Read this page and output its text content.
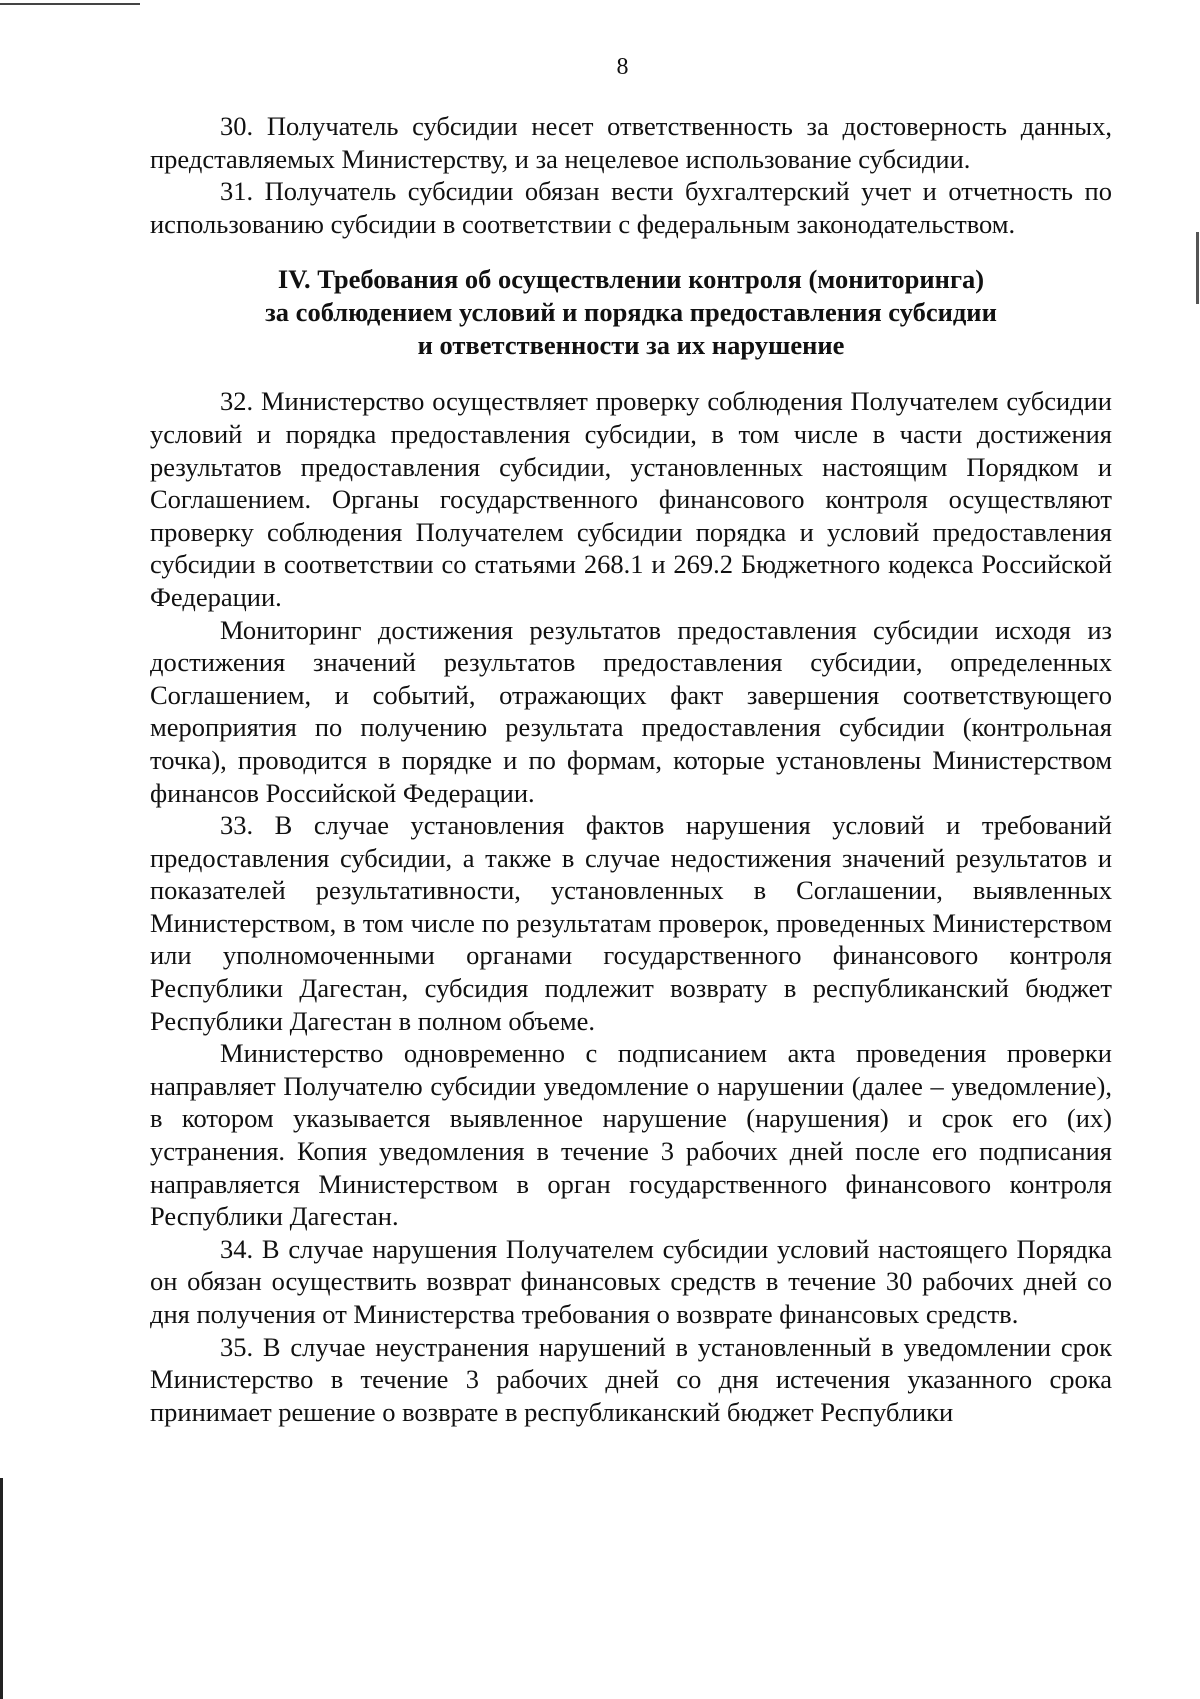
8

30. Получатель субсидии несет ответственность за достоверность данных, представляемых Министерству, и за нецелевое использование субсидии.

31. Получатель субсидии обязан вести бухгалтерский учет и отчетность по использованию субсидии в соответствии с федеральным законодательством.

IV. Требования об осуществлении контроля (мониторинга)
за соблюдением условий и порядка предоставления субсидии
и ответственности за их нарушение

32. Министерство осуществляет проверку соблюдения Получателем субсидии условий и порядка предоставления субсидии, в том числе в части достижения результатов предоставления субсидии, установленных настоящим Порядком и Соглашением. Органы государственного финансового контроля осуществляют проверку соблюдения Получателем субсидии порядка и условий предоставления субсидии в соответствии со статьями 268.1 и 269.2 Бюджетного кодекса Российской Федерации.

Мониторинг достижения результатов предоставления субсидии исходя из достижения значений результатов предоставления субсидии, определенных Соглашением, и событий, отражающих факт завершения соответствующего мероприятия по получению результата предоставления субсидии (контрольная точка), проводится в порядке и по формам, которые установлены Министерством финансов Российской Федерации.

33. В случае установления фактов нарушения условий и требований предоставления субсидии, а также в случае недостижения значений результатов и показателей результативности, установленных в Соглашении, выявленных Министерством, в том числе по результатам проверок, проведенных Министерством или уполномоченными органами государственного финансового контроля Республики Дагестан, субсидия подлежит возврату в республиканский бюджет Республики Дагестан в полном объеме.

Министерство одновременно с подписанием акта проведения проверки направляет Получателю субсидии уведомление о нарушении (далее – уведомление), в котором указывается выявленное нарушение (нарушения) и срок его (их) устранения. Копия уведомления в течение 3 рабочих дней после его подписания направляется Министерством в орган государственного финансового контроля Республики Дагестан.

34. В случае нарушения Получателем субсидии условий настоящего Порядка он обязан осуществить возврат финансовых средств в течение 30 рабочих дней со дня получения от Министерства требования о возврате финансовых средств.

35. В случае неустранения нарушений в установленный в уведомлении срок Министерство в течение 3 рабочих дней со дня истечения указанного срока принимает решение о возврате в республиканский бюджет Республики
